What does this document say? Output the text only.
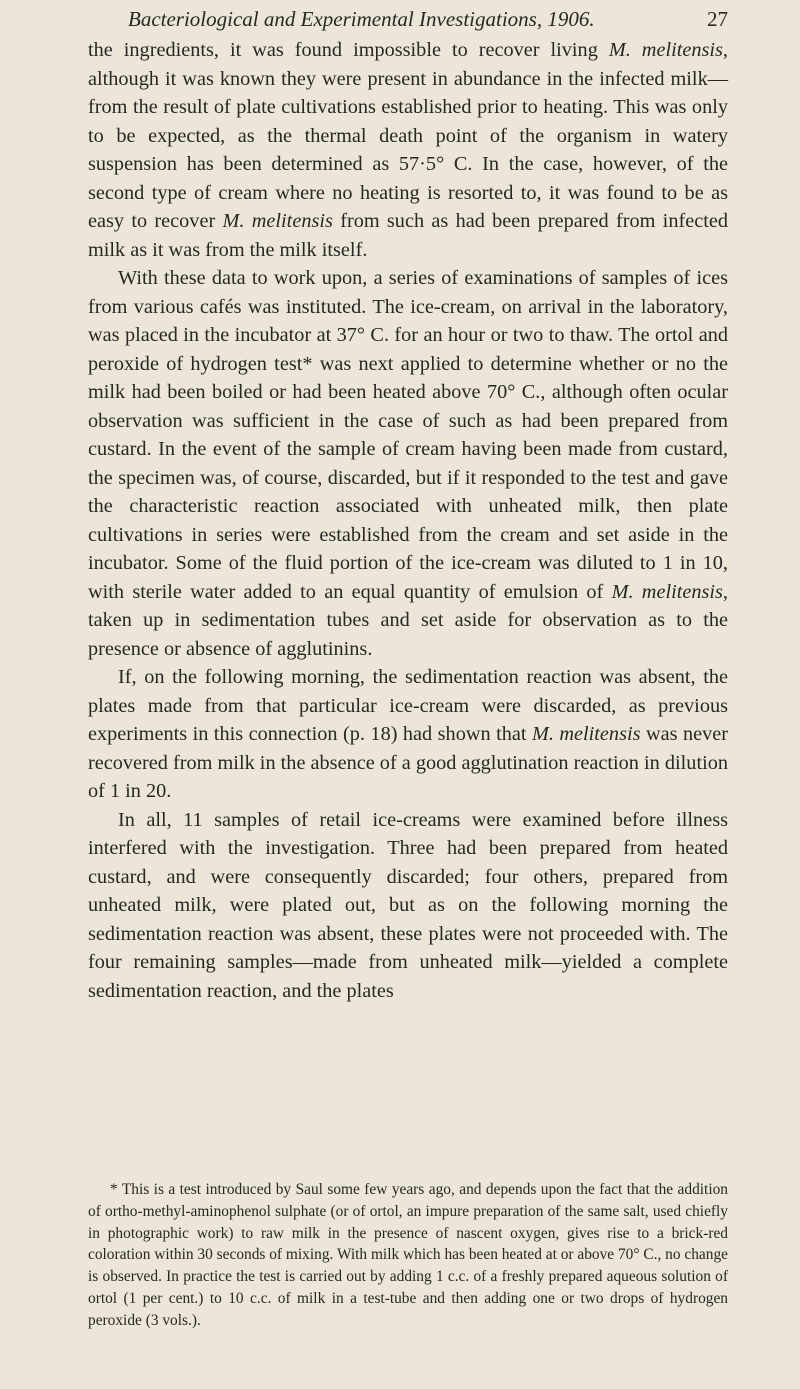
Bacteriological and Experimental Investigations, 1906.	27

the ingredients, it was found impossible to recover living M. melitensis, although it was known they were present in abundance in the infected milk—from the result of plate cultivations established prior to heating. This was only to be expected, as the thermal death point of the organism in watery suspension has been determined as 57·5° C. In the case, however, of the second type of cream where no heating is resorted to, it was found to be as easy to recover M. melitensis from such as had been prepared from infected milk as it was from the milk itself.

With these data to work upon, a series of examinations of samples of ices from various cafés was instituted. The ice-cream, on arrival in the laboratory, was placed in the incubator at 37° C. for an hour or two to thaw. The ortol and peroxide of hydrogen test* was next applied to determine whether or no the milk had been boiled or had been heated above 70° C., although often ocular observation was sufficient in the case of such as had been prepared from custard. In the event of the sample of cream having been made from custard, the specimen was, of course, discarded, but if it responded to the test and gave the characteristic reaction associated with unheated milk, then plate cultivations in series were established from the cream and set aside in the incubator. Some of the fluid portion of the ice-cream was diluted to 1 in 10, with sterile water added to an equal quantity of emulsion of M. melitensis, taken up in sedimentation tubes and set aside for observation as to the presence or absence of agglutinins.

If, on the following morning, the sedimentation reaction was absent, the plates made from that particular ice-cream were discarded, as previous experiments in this connection (p. 18) had shown that M. melitensis was never recovered from milk in the absence of a good agglutination reaction in dilution of 1 in 20.

In all, 11 samples of retail ice-creams were examined before illness interfered with the investigation. Three had been prepared from heated custard, and were consequently discarded; four others, prepared from unheated milk, were plated out, but as on the following morning the sedimentation reaction was absent, these plates were not proceeded with. The four remaining samples—made from unheated milk—yielded a complete sedimentation reaction, and the plates

* This is a test introduced by Saul some few years ago, and depends upon the fact that the addition of ortho-methyl-aminophenol sulphate (or of ortol, an impure preparation of the same salt, used chiefly in photographic work) to raw milk in the presence of nascent oxygen, gives rise to a brick-red coloration within 30 seconds of mixing. With milk which has been heated at or above 70° C., no change is observed. In practice the test is carried out by adding 1 c.c. of a freshly prepared aqueous solution of ortol (1 per cent.) to 10 c.c. of milk in a test-tube and then adding one or two drops of hydrogen peroxide (3 vols.).
